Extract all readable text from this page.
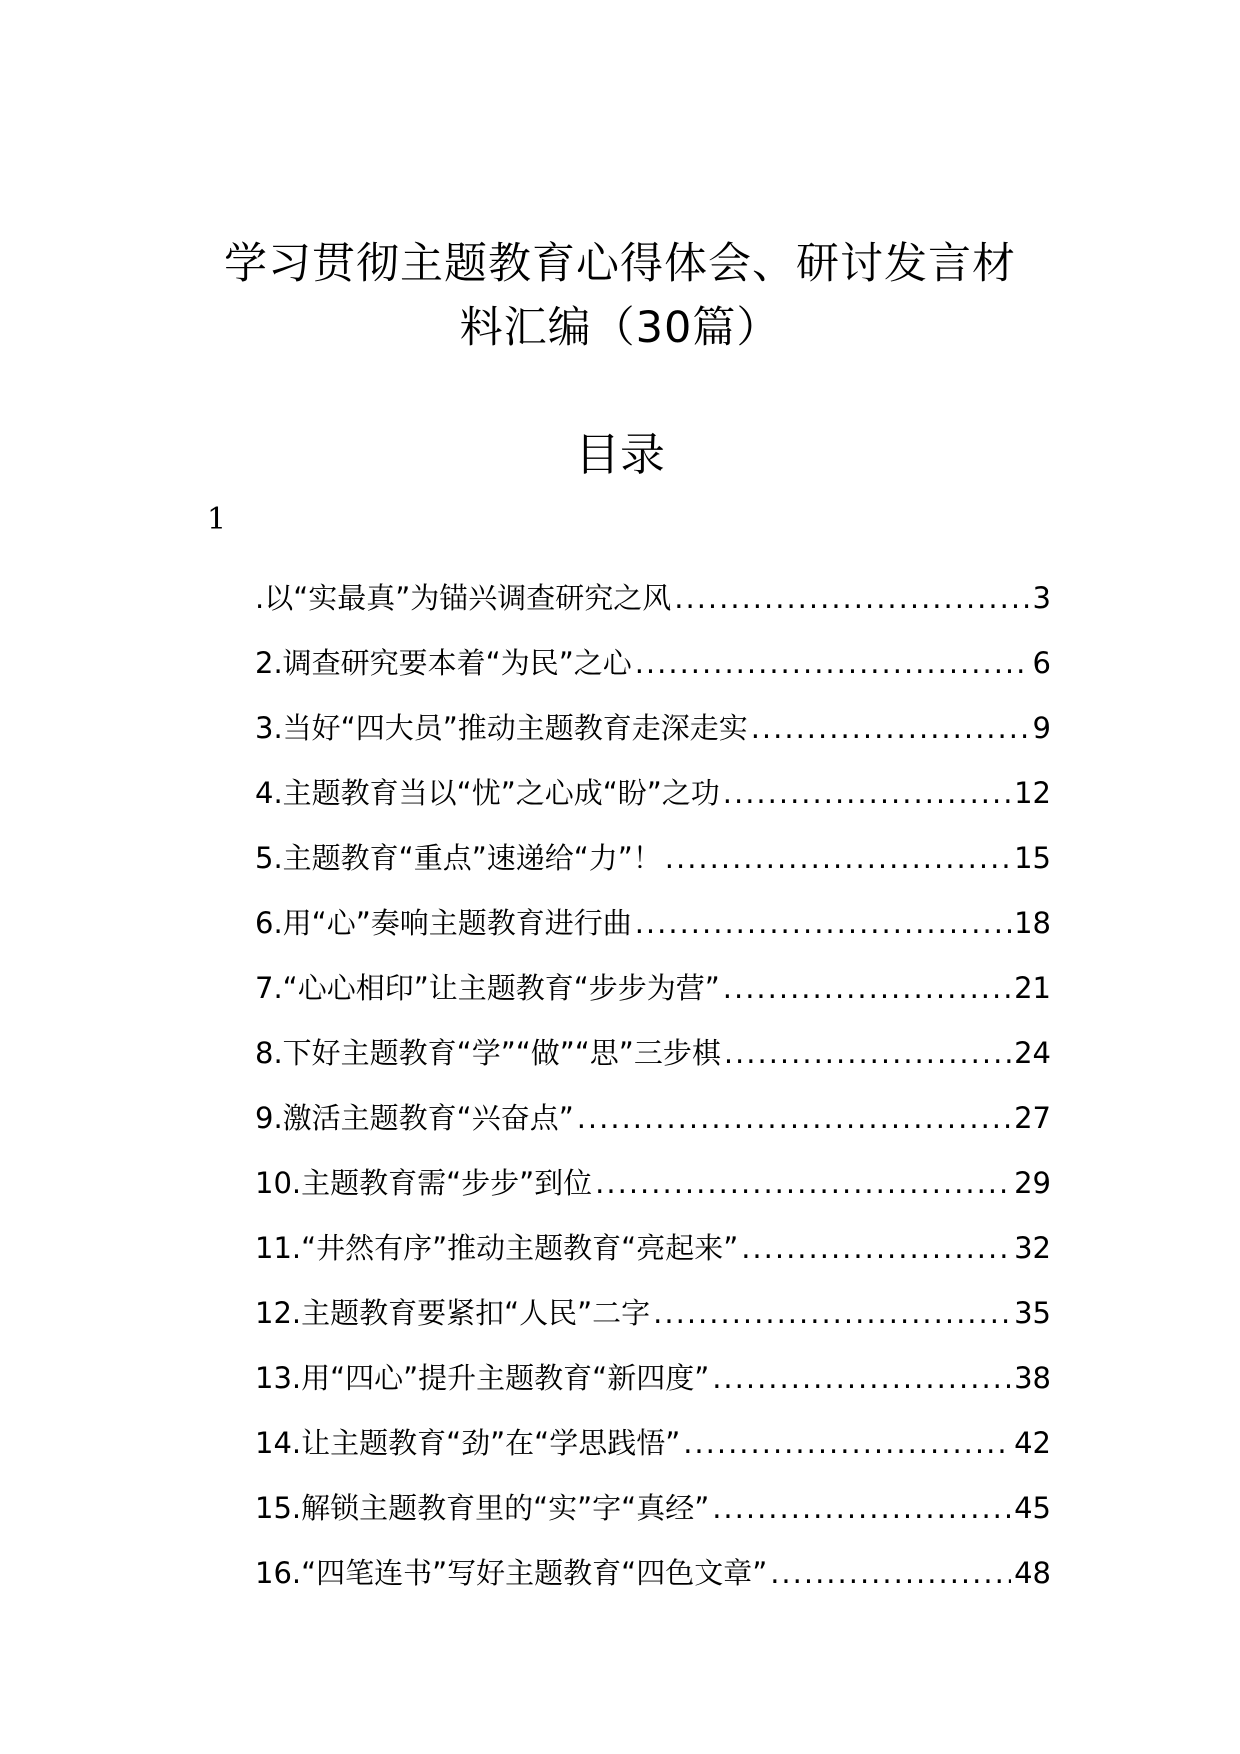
学习贯彻主题教育心得体会、研讨发言材
料汇编（30篇）
目录
1
.以“实最真”为锚兴调查研究之风 .....	3
2.调查研究要本着“为民”之心 .....	6
3.当好“四大员”推动主题教育走深走实 .....	9
4.主题教育当以“忧”之心成“盼”之功 .....	12
5.主题教育“重点”速递给“力”！ .....	15
6.用“心”奏响主题教育进行曲 .....	18
7.“心心相印”让主题教育“步步为营” .....	21
8.下好主题教育“学”“做”“思”三步棋 .....	24
9.激活主题教育“兴奋点” .....	27
10.主题教育需“步步”到位 .....	29
11.“井然有序”推动主题教育“亮起来” .....	32
12.主题教育要紧扣“人民”二字 .....	35
13.用“四心”提升主题教育“新四度” .....	38
14.让主题教育“劲”在“学思践悟” .....	42
15.解锁主题教育里的“实”字“真经” .....	45
16.“四笔连书”写好主题教育“四色文章” .....	48
